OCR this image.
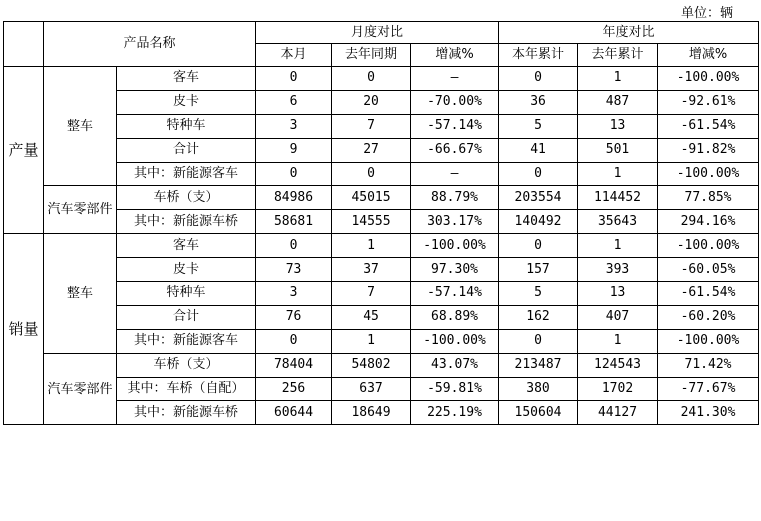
单位：辆
	产品名称		月度对比			年度对比		
			本月	去年同期	增减%	本年累计	去年累计	增减%
产量	整车	客车	0	0	—	0	1	-100.00%
		皮卡	6	20	-70.00%	36	487	-92.61%
		特种车	3	7	-57.14%	5	13	-61.54%
		合计	9	27	-66.67%	41	501	-91.82%
		其中：新能源客车	0	0	—	0	1	-100.00%
	汽车零部件	车桥（支）	84986	45015	88.79%	203554	114452	77.85%
		其中：新能源车桥	58681	14555	303.17%	140492	35643	294.16%
销量	整车	客车	0	1	-100.00%	0	1	-100.00%
		皮卡	73	37	97.30%	157	393	-60.05%
		特种车	3	7	-57.14%	5	13	-61.54%
		合计	76	45	68.89%	162	407	-60.20%
		其中：新能源客车	0	1	-100.00%	0	1	-100.00%
	汽车零部件	车桥（支）	78404	54802	43.07%	213487	124543	71.42%
		其中：车桥（自配）	256	637	-59.81%	380	1702	-77.67%
		其中：新能源车桥	60644	18649	225.19%	150604	44127	241.30%
